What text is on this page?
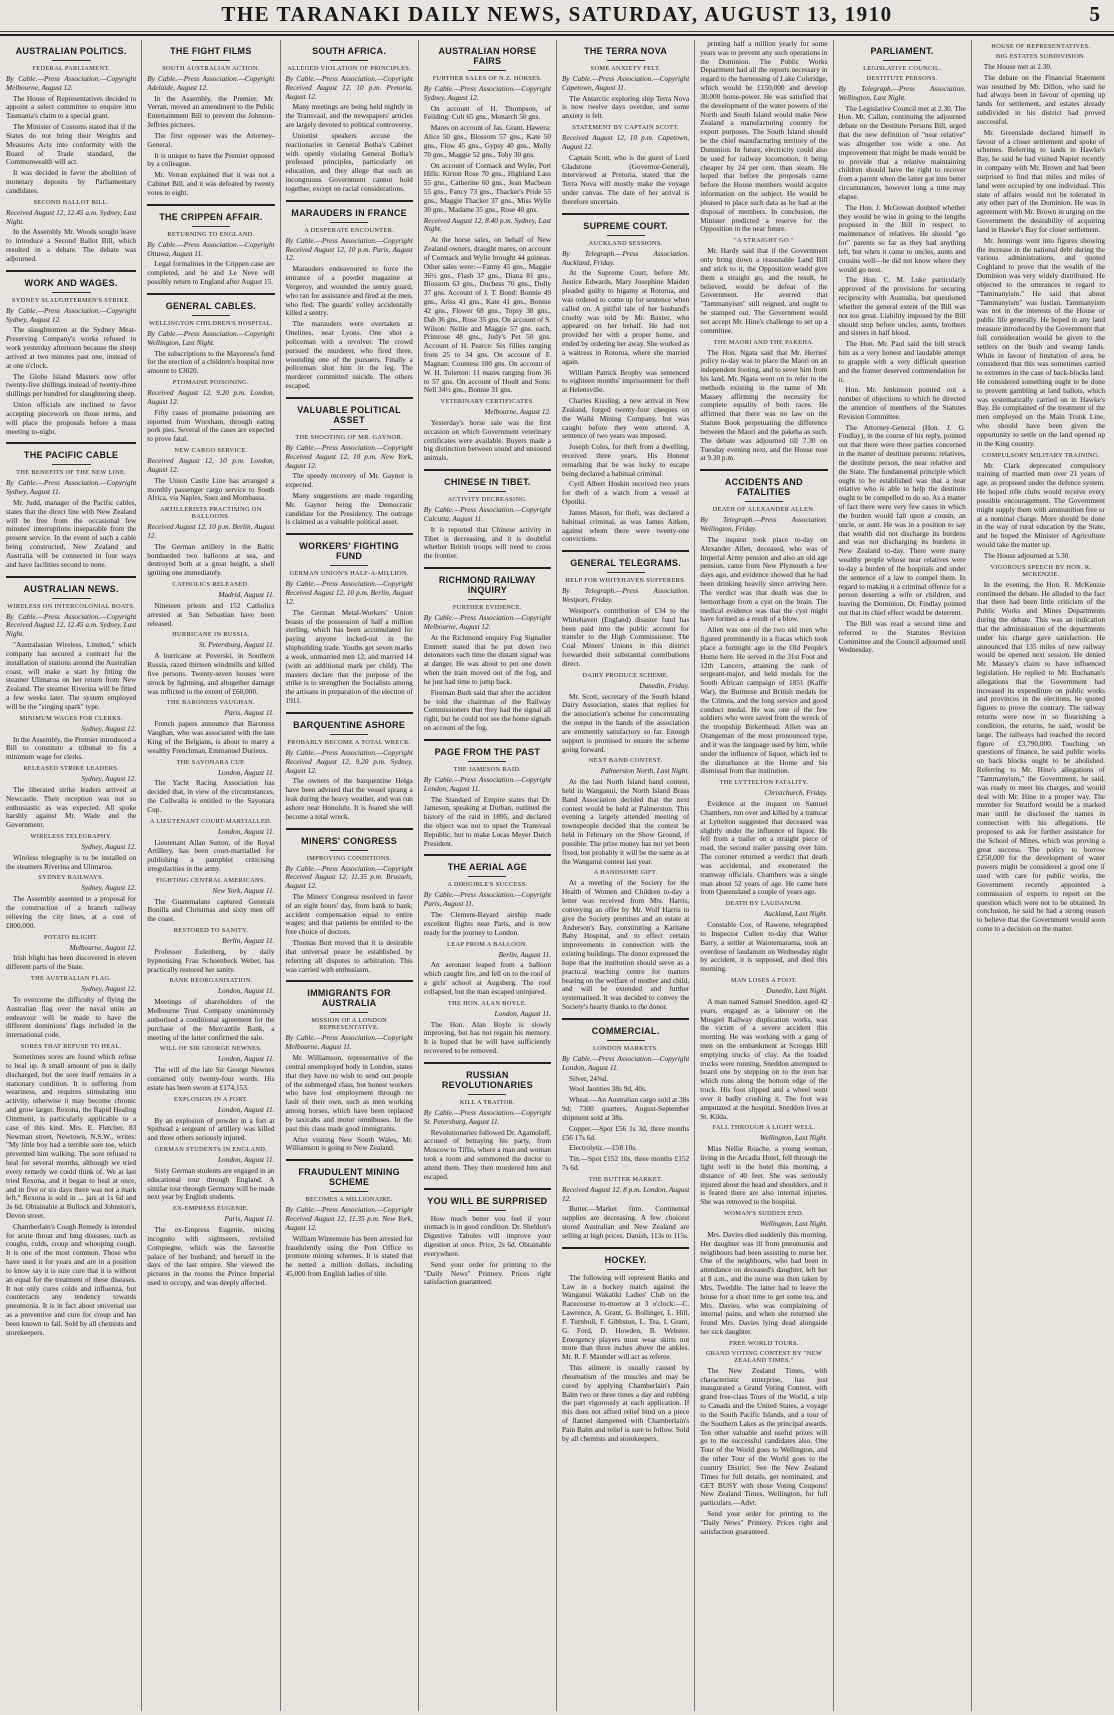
THE TARANAKI DAILY NEWS, SATURDAY, AUGUST 13, 1910	5
AUSTRALIAN POLITICS.
FEDERAL PARLIAMENT.

By Cable.—Press Association.—Copyright Melbourne, August 12.

The House of Representatives decided to appoint a select committee to enquire into Tasmania's claim to a special grant.

The Minister of Customs stated that if the States do not bring their Weights and Measures Acts into conformity with the Board of Trade standard, the Commonwealth will act.

It was decided in favor the abolition of monetary deposits by Parliamentary candidates.

SECOND BALLOT BILL.

Received August 12, 12.45 a.m. Sydney, Last Night.

In the Assembly Mr. Woods sought leave to introduce a Second Ballot Bill, which resulted in a debate. The debate was adjourned.

WORK AND WAGES.
SYDNEY SLAUGHTERMEN'S STRIKE.

By Cable.—Press Association.—Copyright Sydney, August 12.

The slaughtermen at the Sydney Meat-Preserving Company's works refused to work yesterday afternoon because the sheep arrived at two minutes past one, instead of at one o'clock.

The Globe Island Masters now offer twenty-five shillings instead of twenty-three shillings per hundred for slaughtering sheep.

Union officials are inclined to favor accepting piecework on those terms, and will place the proposals before a mass meeting to-night.

THE PACIFIC CABLE
THE BENEFITS OF THE NEW LINE.

By Cable.—Press Association.—Copyright Sydney, August 11.

Mr. Judd, manager of the Pacific cables, states that the direct line with New Zealand will be free from the occasional few minutes' interruptions inseparable from the present service. In the event of such a cable being constructed, New Zealand and Australia will be connected in four ways and have facilities second to none.

AUSTRALIAN NEWS.
WIRELESS ON INTERCOLONIAL BOATS.

By Cable.—Press Association.—Copyright Received August 12, 12.45 a.m. Sydney, Last Night.

"Australasian Wireless, Limited," which company has secured a contract for the installation of stations around the Australian coast, will make a start by fitting the steamer Ulimaroa on her return from New Zealand. The steamer Riverina will be fitted a few weeks later. The system employed will be the "singing spark" type.

MINIMUM WAGES FOR CLERKS.

Sydney, August 12.

In the Assembly, the Premier introduced a Bill to constitute a tribunal to fix a minimum wage for clerks.

RELEASED STRIKE LEADERS.

Sydney, August 12.

The liberated strike leaders arrived at Newcastle. Their reception was not so enthusiastic as was expected. All spoke harshly against Mr. Wade and the Government.

WIRELESS TELEGRAPHY.

Sydney, August 12.

Wireless telegraphy is to be installed on the steamers Riverina and Ulimaroa.

SYDNEY RAILWAYS.

Sydney, August 12.

The Assembly assented to a proposal for the construction of a branch railway relieving the city lines, at a cost of £800,000.

POTATO BLIGHT.

Melbourne, August 12.

Irish blight has been discovered in eleven different parts of the State.

THE AUSTRALIAN FLAG.

Sydney, August 12.

To overcome the difficulty of flying the Australian flag over the naval units an endeavour will be made to have the different dominions' flags included in the international code.

SORES THAT REFUSE TO HEAL.

Sometimes sores are found which refuse to heal up. A small amount of pus is daily discharged, but the sore itself remains in a stationary condition. It is suffering from weariness, and requires stimulating into activity, otherwise it may become chronic and grow larger. Rexona, the Rapid Healing Ointment, is particularly applicable to a case of this kind. Mrs. E. Fletcher, 83 Newman street, Newtown, N.S.W., writes: "My little boy had a terrible sore toe, which prevented him walking. The sore refused to heal for several months, although we tried every remedy we could think of. We at last tried Rexona, and it began to heal at once, and in five or six days there was not a mark left." Rexona is sold in ... jars at 1s 6d and 3s 6d. Obtainable at Bullock and Johnston's, Devon street.

Chamberlain's Cough Remedy is intended for acute throat and lung diseases, such as coughs, colds, croup and whooping cough. It is one of the most common. Those who have used it for years and are in a position to know say it is sure cure that it is without an equal for the treatment of these diseases. It not only cures colds and influenza, but counteracts any tendency towards pneumonia. It is in fact about universal use as a preventive and cure for croup and has been known to fail. Sold by all chemists and storekeepers.

THE FIGHT FILMS
SOUTH AUSTRALIAN ACTION.

By Cable.—Press Association.—Copyright Adelaide, August 12.

In the Assembly, the Premier, Mr. Verran, moved an amendment to the Public Entertainment Bill to prevent the Johnson-Jeffries pictures.

The first opposer was the Attorney-General.

It is unique to have the Premier opposed by a colleague.

Mr. Verran explained that it was not a Cabinet Bill, and it was defeated by twenty votes to eight.

THE CRIPPEN AFFAIR.
RETURNING TO ENGLAND.

By Cable.—Press Association.—Copyright Ottawa, August 11.

Legal formalities in the Crippen case are completed, and he and Le Neve will possibly return to England after August 15.

GENERAL CABLES.
WELLINGTON CHILDREN'S HOSPITAL.

By Cable.—Press Association.—Copyright Wellington, Last Night.

The subscriptions to the Mayoress's fund for the erection of a children's hospital now amount to £3020.

PTOMAINE POISONING.

Received August 12, 9.20 p.m. London, August 12.

Fifty cases of ptomaine poisoning are reported from Wrexham, through eating pork pies. Several of the cases are expected to prove fatal.

NEW CARGO SERVICE.

Received August 12, 10 p.m. London, August 12.

The Union Castle Line has arranged a monthly passenger cargo service to South Africa, via Naples, Suez and Mombassa.

ARTILLERISTS PRACTISING ON BALLOONS.

Received August 12, 10 p.m. Berlin, August 12.

The German artillery in the Baltic bombarded two balloons at sea, and destroyed both at a great height, a shell igniting one immediately.

CATHOLICS RELEASED.

Madrid, August 11.

Nineteen priests and 152 Catholics arrested at San Sebastian have been released.

HURRICANE IN RUSSIA.

St. Petersburg, August 11.

A hurricane at Poverski, in Southern Russia, razed thirteen windmills and killed five persons. Twenty-seven houses were struck by lightning, and altogether damage was inflicted to the extent of £60,000.

THE BARONESS VAUGHAN.

Paris, August 11.

French papers announce that Baroness Vaughan, who was associated with the late King of the Belgians, is about to marry a wealthy Frenchman, Emmanuel Durieux.

THE SAYONARA CUP.

London, August 11.

The Yacht Racing Association has decided that, in view of the circumstances, the Cullwalla is entitled to the Sayonara Cup.

A LIEUTENANT COURT-MARTIALLED.

London, August 11.

Lieutenant Allan Sutton, of the Royal Artillery, has been court-martialled for publishing a pamphlet criticising irregularities in the army.

FIGHTING CENTRAL AMERICANS.

New York, August 11.

The Guatemalans captured Generals Bonilla and Christmas and sixty men off the coast.

RESTORED TO SANITY.

Berlin, August 11.

Professor Eulenberg, by daily hypnotising Frau Schoenbeck Weber, has practically restored her sanity.

BANK REORGANISATION.

London, August 11.

Meetings of shareholders of the Melbourne Trust Company unanimously authorised a conditional agreement for the purchase of the Mercantile Bank, a meeting of the latter confirmed the sale.

WILL OF SIR GEORGE NEWNES.

London, August 11.

The will of the late Sir George Newnes contained only twenty-four words. His estate has been sworn at £174,153.

EXPLOSION IN A FORT.

London, August 11.

By an explosion of powder in a fort at Spithead a sergeant of artillery was killed and three others seriously injured.

GERMAN STUDENTS IN ENGLAND.

London, August 11.

Sixty German students are engaged in an educational tour through England. A similar tour through Germany will be made next year by English students.

EX-EMPRESS EUGENIE.

Paris, August 11.

The ex-Empress Eugenie, mixing incognito with sightseers, revisited Compiegne, which was the favourite palace of her husband, and herself in the days of the last empire. She viewed the pictures in the rooms the Prince Imperial used to occupy, and was deeply affected.

SOUTH AFRICA.
ALLEGED VIOLATION OF PRINCIPLES.

By Cable.—Press Association.—Copyright Received August 12, 10 p.m. Pretoria, August 12.

Many meetings are being held nightly in the Transvaal, and the newspapers' articles are largely devoted to political controversy.

Unionist speakers accuse the reactionaries in General Botha's Cabinet with openly violating General Botha's professed principles, particularly on education, and they allege that such an incongruous Government cannot hold together, except on racial considerations.

MARAUDERS IN FRANCE
A DESPERATE ENCOUNTER.

By Cable.—Press Association.—Copyright Received August 12, 10 p.m. Paris, August 12.

Marauders endeavoured to force the entrance of a powder magazine at Vergeroy, and wounded the sentry guard, who ran for assistance and fired at the men, who fled. The guards' volley accidentally killed a sentry.

The marauders were overtaken at Onelines, near Lyons. One shot a policeman with a revolver. The crowd pursued the murderer, who fired three, wounding one of the pursuers. Finally a policeman shot him in the leg. The murderer committed suicide. The others escaped.

VALUABLE POLITICAL ASSET
THE SHOOTING OF MR. GAYNOR.

By Cable.—Press Association.—Copyright Received August 12, 10 p.m. New York, August 12.

The speedy recovery of Mr. Gaynor is expected.

Many suggestions are made regarding Mr. Gaynor being the Democratic candidate for the Presidency. The outrage is claimed as a valuable political asset.

WORKERS' FIGHTING FUND
GERMAN UNION'S HALF-A-MILLION.

By Cable.—Press Association.—Copyright Received August 12, 10 p.m. Berlin, August 12.

The German Metal-Workers' Union boasts of the possession of half a million sterling, which has been accumulated for paying anyone locked-out in the shipbuilding trade. Youths get seven marks a week, unmarried men 12, and married 14 (with an additional mark per child). The masters declare that the purpose of the strike is to strengthen the Socialists among the artisans in preparation of the election of 1911.

BARQUENTINE ASHORE
PROBABLY BECOME A TOTAL WRECK.

By Cable.—Press Association.—Copyright Received August 12, 9.20 p.m. Sydney, August 12.

The owners of the barquentine Helga have been advised that the vessel sprang a leak during the heavy weather, and was run ashore near Honolulu. It is feared she will become a total wreck.

MINERS' CONGRESS
IMPROVING CONDITIONS.

By Cable.—Press Association.—Copyright Received August 12, 11.35 p.m. Brussels, August 12.

The Miners' Congress resolved in favor of an eight hours' day, from bank to bank; accident compensation equal to entire wages; and that patients be entitled to the free choice of doctors.

Thomas Burt moved that it is desirable that universal peace be established by referring all disputes to arbitration. This was carried with enthusiasm.

IMMIGRANTS FOR AUSTRALIA
MISSION OF A LONDON REPRESENTATIVE.

By Cable.—Press Association.—Copyright Melbourne, August 11.

Mr. Williamson, representative of the central unemployed body in London, states that they have no wish to send out people of the submerged class, but honest workers who have lost employment through no fault of their own, such as men working among horses, which have been replaced by taxicabs and motor omnibuses. In the past this class made good immigrants.

After visiting New South Wales, Mr. Williamson is going to New Zealand.

FRAUDULENT MINING SCHEME
BECOMES A MILLIONAIRE.

By Cable.—Press Association.—Copyright Received August 12, 11.35 p.m. New York, August 12.

William Wintemute has been arrested for fraudulently using the Post Office to promote mining schemes. It is stated that he netted a million dollars, including 45,000 from English ladies of title.

AUSTRALIAN HORSE FAIRS
FURTHER SALES OF N.Z. HORSES.

By Cable.—Press Association.—Copyright Sydney, August 12.

On account of H. Thompson, of Feilding: Colt 65 gns., Monarch 50 gns.

Mares on account of Jas. Grant, Hawera: Alice 50 gns., Blossom 57 gns., Kate 50 gns., Flow 45 gns., Gypsy 40 gns., Molly 70 gns., Maggie 52 gns., Toby 30 gns.

On account of Cormack and Wylie, Port Hills: Kirton Rose 70 gns., Highland Lass 55 gns., Catherine 60 gns., Jean Macbean 55 gns., Fancy 73 gns., Thacker's Pride 55 gns., Maggie Thacker 37 gns., Miss Wylie 30 gns., Madame 35 gns., Rose 40 gns.

Received August 12, 8.40 p.m. Sydney, Last Night.

At the horse sales, on behalf of New Zealand owners, draught mares, on account of Cormack and Wylie brought 44 guineas. Other sales were:—Fanny 45 gns., Maggie 36½ gns., Flash 37 gns., Diana 81 gns., Blossom 63 gns., Duchess 70 gns., Dolly 37 gns. Account of J. T. Bond: Bonnie 49 gns., Ariss 41 gns., Kate 41 gns., Bonnie 42 gns., Flower 68 gns., Topsy 38 gns., Dab 36 gns., Rose 35 gns. On account of S. Wilson: Nellie and Maggie 57 gns. each, Primrose 48 gns., Judy's Pet 50 gns. Account of H. Pearce: Six fillies ranging from 25 to 34 gns. On account of F. Magnan: Countess 100 gns. On account of W. H. Tolerton: 11 mares ranging from 36 to 57 gns. On account of Hoult and Sons: Nell 34½ gns., Bonnie 31 gns.

VETERINARY CERTIFICATES.

Melbourne, August 12.

Yesterday's horse sale was the first occasion on which Government veterinary certificates were available. Buyers made a big distinction between sound and unsound animals.

CHINESE IN TIBET.
ACTIVITY DECREASING.

By Cable.—Press Association.—Copyright Calcutta, August 11.

It is reported that Chinese activity in Tibet is decreasing, and it is doubtful whether British troops will need to cross the frontier.

RICHMOND RAILWAY INQUIRY
FURTHER EVIDENCE.

By Cable.—Press Association.—Copyright Melbourne, August 12.

At the Richmond enquiry Fog Signaller Emmett stated that he put down two detonators each time the distant signal was at danger. He was about to put one down when the train moved out of the fog, and he just had time to jump back.

Fireman Burk said that after the accident he told the chairman of the Railway Commissioners that they had the signal all right, but he could not see the home signals on account of the fog.

PAGE FROM THE PAST
THE JAMESON RAID.

By Cable.—Press Association.—Copyright London, August 11.

The Standard of Empire states that Dr. Jameson, speaking at Durban, outlined the history of the raid in 1895, and declared the object was not to upset the Transvaal Republic, but to make Lucas Meyer Dutch President.

THE AERIAL AGE
A DIRIGIBLE'S SUCCESS.

By Cable.—Press Association.—Copyright Paris, August 11.

The Clement-Bayard airship made excellent flights near Paris, and is now ready for the journey to London.

LEAP FROM A BALLOON.

Berlin, August 11.

An aeronaut leaped from a balloon which caught fire, and fell on to the roof of a girls' school at Augsberg. The roof collapsed, but the man escaped uninjured.

THE HON. ALAN BOYLE.

London, August 11.

The Hon. Alan Boyle is slowly improving, but has not regain his memory. It is hoped that he will have sufficiently recovered to be removed.

RUSSIAN REVOLUTIONARIES
KILL A TRAITOR.

By Cable.—Press Association.—Copyright St. Petersburg, August 11.

Revolutionaries followed Dr. Agamoloff, accused of betraying his party, from Moscow to Tiflis, where a man and woman took a room and summoned the doctor to attend them. They then murdered him and escaped.

YOU WILL BE SURPRISED

How much better you feel if your stomach is in good condition. Dr. Sheldon's Digestive Tabules will improve your digestion at once. Price, 2s 6d. Obtainable everywhere.

Send your order for printing to the "Daily News" Printery. Prices right satisfaction guaranteed.

THE TERRA NOVA
SOME ANXIETY FELT.

By Cable.—Press Association.—Copyright Capetown, August 11.

The Antarctic exploring ship Terra Nova is now twelve days overdue, and some anxiety is felt.

STATEMENT BY CAPTAIN SCOTT.

Received August 12, 10 p.m. Capetown, August 12.

Captain Scott, who is the guest of Lord Gladstone (Governor-General), interviewed at Pretoria, stated that the Terra Nova will mostly make the voyage under canvas. The date of her arrival is therefore uncertain.

SUPREME COURT.
AUCKLAND SESSIONS.

By Telegraph.—Press Association. Auckland, Friday.

At the Supreme Court, before Mr. Justice Edwards, Mary Josephine Maiden pleaded guilty to bigamy at Rotorua, and was ordered to come up for sentence when called on. A pitiful tale of her husband's cruelty was told by Mr. Baxter, who appeared on her behalf. He had not provided her with a proper home, and ended by ordering her away. She worked as a waitress in Rotorua, where she married again.

William Patrick Brophy was sentenced to eighteen months' imprisonment for theft at Helensville.

Charles Kissling, a new arrival in New Zealand, forged twenty-four cheques on the Waihi Mining Company, but was caught before they were uttered. A sentence of two years was imposed.

Joseph Coles, for theft from a dwelling, received three years, His Honour remarking that he was lucky to escape being declared a habitual criminal.

Cyril Albert Hoskin received two years for theft of a watch from a vessel at Opotiki.

James Mason, for theft, was declared a habitual criminal, as was James Aitken, against whom there were twenty-one convictions.

GENERAL TELEGRAMS.
HELP FOR WHITEHAVEN SUFFERERS.

By Telegraph.—Press Association. Westport, Friday.

Westport's contribution of £34 to the Whitehaven (England) disaster fund has been paid into the public account for transfer to the High Commissioner. The Coal Miners' Unions in this district forwarded their substantial contributions direct.

DAIRY PRODUCE SCHEME.

Dunedin, Friday.

Mr. Scott, secretary of the South Island Dairy Association, states that replies for the association's scheme for concentrating the output in the hands of the association are eminently satisfactory so far. Enough support is promised to ensure the scheme going forward.

NEXT BAND CONTEST.

Palmerston North, Last Night.

At the last North Island band contest, held in Wanganui, the North Island Brass Band Association decided that the next contest would be held at Palmerston. This evening a largely attended meeting of townspeople decided that the contest be held in February on the Show Ground, if possible. The prize money has not yet been fixed, but probably it will be the same as at the Wanganui contest last year.

A HANDSOME GIFT.

At a meeting of the Society for the Health of Women and Children to-day a letter was received from Mrs. Harris, conveying an offer by Mr. Wolf Harris to give the Society premises and an estate at Anderson's Bay, constituting a Karitane Baby Hospital, and to effect certain improvements in connection with the existing buildings. The donor expressed the hope that the institution should serve as a practical teaching centre for matters bearing on the welfare of mother and child, and will be extended and further systematised. It was decided to convey the Society's hearty thanks to the donor.

COMMERCIAL.
LONDON MARKETS.

By Cable.—Press Association.—Copyright London, August 11.

Silver, 24⅝d.

Wool Jaonties 38s 9d, 40s.

Wheat.—An Australian cargo sold at 38s 9d; 7300 quarters, August-September shipment sold at 38s.

Copper.—Spot £56 1s 3d, three months £56 17s 6d.

Electrolytic.—£58 10s.

Tin.—Spot £152 10s, three months £152 7s 6d.

THE BUTTER MARKET.

Received August 12, 8 p.m. London, August 12.

Butter.—Market firm. Continental supplies are decreasing. A few choicest stored Australian and New Zealand are selling at high prices. Danish, 113s to 115s.

HOCKEY.

The following will represent Banks and Law in a hockey match against the Wanganui Wakatiki Ladies' Club on the Racecourse to-morrow at 3 o'clock:—C. Lawrence, A. Grant, G. Bollinger, L. Hill, F. Turnbull, F. Gibbston, L. Tea, I. Grant, G. Ford, D. Howden, B. Webster. Emergency players must wear skirts not more than three inches above the ankles. Mr. R. F. Maunder will act as referee.

This ailment is usually caused by rheumatism of the muscles and may be cured by applying Chamberlain's Pain Balm two or three times a day and rubbing the part vigorously at each application. If this does not afford relief bind on a piece of flannel dampened with Chamberlain's Pain Balm and relief is sure to follow. Sold by all chemists and storekeepers.

printing half a million yearly for some years was to prevent any such operations in the Dominion. The Public Works Department had all the reports necessary in regard to the harnessing of Lake Coleridge, which would be £150,000 and develop 30,000 horse-power. He was satisfied that the development of the water powers of the North and South Island would make New Zealand a manufacturing country for export purposes. The South Island should be the chief manufacturing territory of the Dominion. In future, electricity could also be used for railway locomotion, it being cheaper by 24 per cent. than steam. He hoped that before the proposals came before the House members would acquire information on the subject. He would be pleased to place such data as he had at the disposal of members. In conclusion, the Minister predicted a reserve for the Opposition in the near future.

"A STRAIGHT GO."

Mr. Hardy said that if the Government only bring down a reasonable Land Bill and stick to it, the Opposition would give them a straight go, and the result, he believed, would be defeat of the Government. He averred that "Tammanyism" still reigned, and ought to be stamped out. The Government would not accept Mr. Hine's challenge to set up a committee.

THE MAORI AND THE PAKEHA.

The Hon. Ngata said that Mr. Herries' policy to-day was to place the Maori on an independent footing, and to sever him from his land. Mr. Ngata went on to refer to the methods existing in the name of Mr. Massey affirming the necessity for complete equality of both races. He affirmed that there was no law on the Statute Book perpetuating the difference between the Maori and the pakeha as such. The debate was adjourned till 7.30 on Tuesday evening next, and the House rose at 9.30 p.m.

ACCIDENTS AND FATALITIES
DEATH OF ALEXANDER ALLEN.

By Telegraph.—Press Association. Wellington, Friday.

The inquest took place to-day on Alexander Allen, deceased, who was of Imperial Army pension and also an old age pension, came from New Plymouth a few days ago, and evidence showed that he had been drinking heavily since arriving here. The verdict was that death was due to hemorrhage from a cyst on the brain. The medical evidence was that the cyst might have formed as a result of a blow.

Allen was one of the two old men who figured prominently in a fracas which took place a fortnight ago in the Old People's Home here. He served in the 31st Foot and 12th Lancers, attaining the rank of sergeant-major, and held medals for the South African campaign of 1851 (Kaffir War), the Burmese and British medals for the Crimea, and the long service and good conduct medal. He was one of the few soldiers who were saved from the wreck of the troopship Birkenhead. Allen was an Orangeman of the most pronounced type, and it was the language used by him, while under the influence of liquor, which led to the disturbance at the Home and his dismissal from that institution.

THE LYTTELTON FATALITY.

Christchurch, Friday.

Evidence at the inquest on Samuel Chambers, run over and killed by a tramcar at Lyttelton suggested that deceased was slightly under the influence of liquor. He fell from a trailer on a straight piece of road, the second trailer passing over him. The coroner returned a verdict that death was accidental, and exonerated the tramway officials. Chambers was a single man about 52 years of age. He came here from Queensland a couple of years ago.

DEATH BY LAUDANUM.

Auckland, Last Night.

Constable Cox, of Rawene, telegraphed to Inspector Cullen to-day that Walter Barry, a settler at Waiotemarama, took an overdose of laudanum on Wednesday night by accident, it is supposed, and died this morning.

MAN LOSES A FOOT.

Dunedin, Last Night.

A man named Samuel Sneddon, aged 42 years, engaged as a labourer on the Mosgiel Railway duplication works, was the victim of a severe accident this morning. He was working with a gang of men on the embankment at Scroggs Hill emptying trucks of clay. As the loaded trucks were running, Sneddon attempted to board one by stepping on to the iron bar which runs along the bottom edge of the truck. His foot slipped and a wheel went over it badly crushing it. The foot was amputated at the hospital. Sneddon lives at St. Kilda.

FALL THROUGH A LIGHT WELL.

Wellington, Last Night.

Miss Nellie Roache, a young woman, living in the Arcadia Hotel, fell through the light well in the hotel this morning, a distance of 40 feet. She was seriously injured about the head and shoulders, and it is feared there are also internal injuries. She was removed to the hospital.

WOMAN'S SUDDEN END.

Wellington, Last Night.

Mrs. Davies died suddenly this morning. Her daughter was ill from pneumonia and neighbours had been assisting to nurse her. One of the neighbours, who had been in attendance on deceased's daughter, left her at 8 a.m., and the nurse was then taken by Mrs. Tweddle. The latter had to leave the house for a short time to get some tea, and Mrs. Davies, who was complaining of internal pains, and when she returned she found Mrs. Davies lying dead alongside her sick daughter.

FREE WORLD TOURS.
GRAND VOTING CONTEST BY "NEW ZEALAND TIMES."

The New Zealand Times, with characteristic enterprise, has just inaugurated a Grand Voting Contest, with grand free-class Tours of the World, a trip to Canada and the United States, a voyage to the South Pacific Islands, and a tour of the Southern Lakes as the principal awards. Ten other valuable and useful prizes will go to the successful candidates also. One Tour of the World goes to Wellington, and the other Tour of the World goes to the country District. See the New Zealand Times for full details, get nominated, and GET BUSY with those Voting Coupons! New Zealand Times, Wellington, for full particulars.—Advt.

Send your order for printing to the "Daily News" Printery. Prices right and satisfaction guaranteed.

PARLIAMENT.
LEGISLATIVE COUNCIL.
DESTITUTE PERSONS.

By Telegraph.—Press Association. Wellington, Last Night.

The Legislative Council met at 2.30. The Hon. Mr. Callan, continuing the adjourned debate on the Destitute Persons Bill, urged that the new definition of "near relative" was altogether too wide a one. An improvement that might be made would be to provide that a relative maintaining children should have the right to recover from a parent when the latter got into better circumstances, however long a time may elapse.

The Hon. J. McGowan doubted whether they would be wise in going to the lengths proposed in the Bill in respect to maintenance of relatives. He should "go for" parents so far as they had anything left, but when it came to uncles, aunts and cousins well—he did not know where they would go next.

The Hon. C. M. Luke particularly approved of the provisions for securing reciprocity with Australia, but questioned whether the general extent of the Bill was not too great. Liability imposed by the Bill should stop before uncles, aunts, brothers and sisters in half blood.

The Hon. Mr. Paul said the bill struck him as a very honest and laudable attempt to grapple with a very difficult question and the framer deserved commendation for it.

Hon. Mr. Jenkinson pointed out a number of objections to which he directed the attention of members of the Statutes Revision Committee.

The Attorney-General (Hon. J. G. Findlay), in the course of his reply, pointed out that there were three parties concerned in the matter of destitute persons: relatives, the destitute person, the near relative and the State. The fundamental principle which ought to be established was that a near relative who is able to help the destitute ought to be compelled to do so. As a matter of fact there were very few cases in which the burden would fall upon a cousin, an uncle, or aunt. He was in a position to say that wealth did not discharge its burdens and was not discharging its burdens in New Zealand to-day. There were many wealthy people whose near relatives were to-day a burden of the hospitals and under the sentence of a law to compel them. In regard to making it a criminal offence for a person deserting a wife or children, and leaving the Dominion, Dr. Findlay pointed out that its chief effect would be deterrent.

The Bill was read a second time and referred to the Statutes Revision Committee and the Council adjourned until Wednesday.

HOUSE OF REPRESENTATIVES.
BIG ESTATES SUBDIVISION.

The House met at 2.30.

The debate on the Financial Statement was resumed by Mr. Dillon, who said he had always been in favour of opening up lands for settlement, and estates already subdivided in his district had proved successful.

Mr. Greenslade declared himself in favour of a closer settlement and spoke of schemes. Referring to lands in Hawke's Bay, he said he had visited Napier recently in company with Mr. Brown and had been surprised to find that miles and miles of land were occupied by one individual. This state of affairs would not be tolerated in any other part of the Dominion. He was in agreement with Mr. Brown in urging on the Government the desirability of acquiring land in Hawke's Bay for closer settlement.

Mr. Jennings went into figures showing the increase in the national debt during the various administrations, and quoted Coghland to prove that the wealth of the Dominion was very widely distributed. He objected to the utterances in regard to "Tammanyism." He said that about "Tammanyism" was fustian. Tammanyism was not in the interests of the House or public life generally. He hoped in any land measure introduced by the Government that full consideration would be given to the settlers on the bush and swamp lands. While in favour of limitation of area, he considered that this was sometimes carried to extremes in the case of back-blocks land. He considered something ought to be done to prevent gambling at land ballots, which was systematically carried on in Hawke's Bay. He complained of the treatment of the men employed on the Main Trunk Line, who should have been given the opportunity to settle on the land opened up in the King country.

COMPULSORY MILITARY TRAINING.

Mr. Clark deprecated compulsory training of married men over 21 years of age, as proposed under the defence system. He hoped rifle clubs would receive every possible encouragement. The Government might supply them with ammunition free or at a nominal charge. More should be done in the way of rural education by the State, and he hoped the Minister of Agriculture would take the matter up.

The House adjourned at 5.30.

VIGOROUS SPEECH BY HON. R. MCKENZIE.

In the evening, the Hon. R. McKenzie continued the debate. He alluded to the fact that there had been little criticism of the Public Works and Mines Departments during the debate. This was an indication that the administration of the departments under his charge gave satisfaction. He announced that 135 miles of new railway would be opened next session. He denied Mr. Massey's claim to have influenced legislation. He replied to Mr. Buchanan's allegations that the Government had increased its expenditure on public works and provinces in the elections, he quoted figures to prove the contrary. The railway returns were now in so flourishing a condition, the returns, he said, would be large. The railways had reached the record figure of £3,790,000. Touching on questions of finance, he said public works on back blocks ought to be abolished. Referring to Mr. Hine's allegations of "Tammanyism," the Government, he said, was ready to meet his charges, and would deal with Mr. Hine in a proper way. The member for Stratford would be a marked man until he disclosed the names in connection with his allegations. He proposed to ask for further assistance for the School of Mines, which was proving a great success. The policy to borrow £250,000 for the development of water powers might be considered a good one if used with care for public works, the Government recently appointed a commission of experts to report on the question which were not to be obtained. In conclusion, he said he had a strong reason to believe that the Government would soon come to a decision on the matter.
